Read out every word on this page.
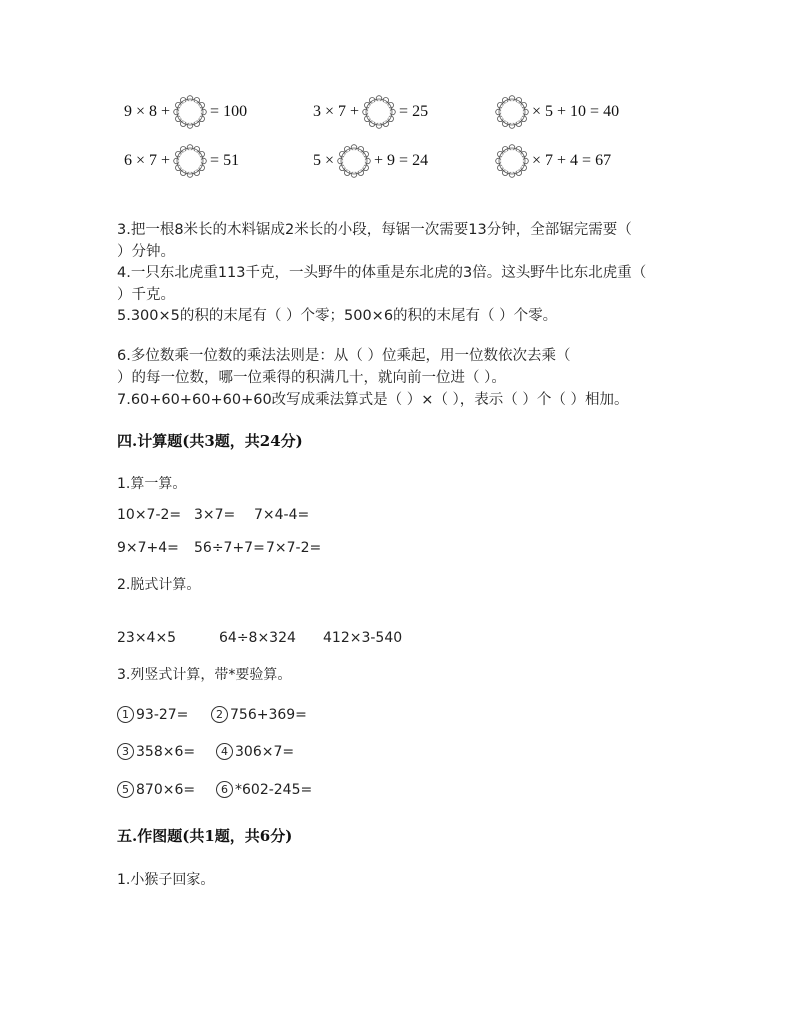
9 × 8 +	= 100	3 × 7 +	= 25	× 5 + 10 = 40
6 × 7 +	= 51	5 ×	+ 9 = 24	× 7 + 4 = 67
3.把一根8米长的木料锯成2米长的小段，每锯一次需要13分钟，全部锯完需要（
）分钟。
4.一只东北虎重113千克，一头野牛的体重是东北虎的3倍。这头野牛比东北虎重（
）千克。
5.300×5的积的末尾有（ ）个零；500×6的积的末尾有（ ）个零。
6.多位数乘一位数的乘法法则是：从（ ）位乘起，用一位数依次去乘（
）的每一位数，哪一位乘得的积满几十，就向前一位进（ ）。
7.60+60+60+60+60改写成乘法算式是（ ）×（ ），表示（ ）个（ ）相加。
四.计算题(共3题，共24分)
1.算一算。
10×7-2= 3×7= 7×4-4=
9×7+4= 56÷7+7= 7×7-2=
2.脱式计算。
23×4×5	64÷8×324 412×3-540
3.列竖式计算，带*要验算。
1 93-27=	2 756+369=
3 358×6=	4 306×7=
5 870×6=	6 *602-245=
五.作图题(共1题，共6分)
1.小猴子回家。
